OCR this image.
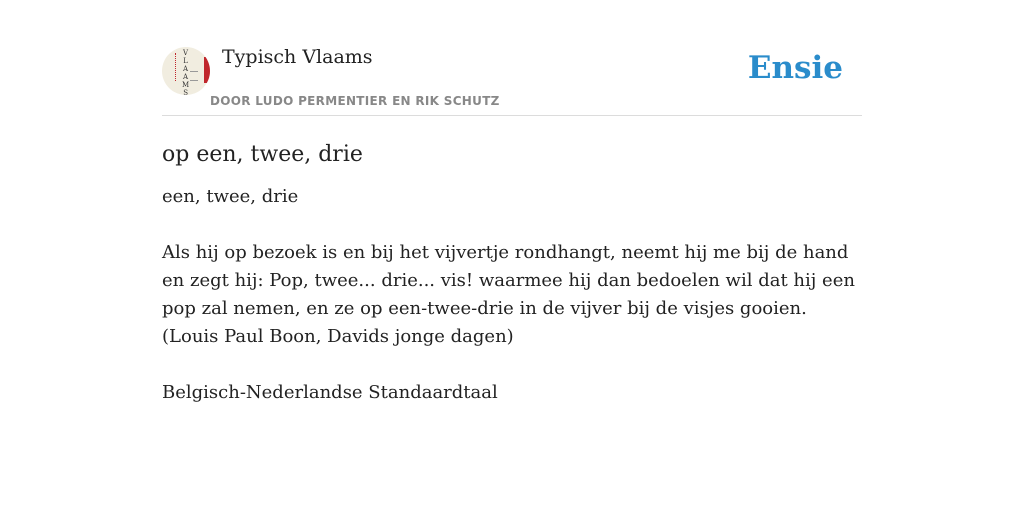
V
L
A
A
M
S
Typisch Vlaams
DOOR LUDO PERMENTIER EN RIK SCHUTZ
Ensie
op een, twee, drie

een, twee, drie

Als hij op bezoek is en bij het vijvertje rondhangt, neemt hij me bij de hand en zegt hij: Pop, twee... drie... vis! waarmee hij dan bedoelen wil dat hij een pop zal nemen, en ze op een-twee-drie in de vijver bij de visjes gooien.

(Louis Paul Boon, Davids jonge dagen)

Belgisch-Nederlandse Standaardtaal
